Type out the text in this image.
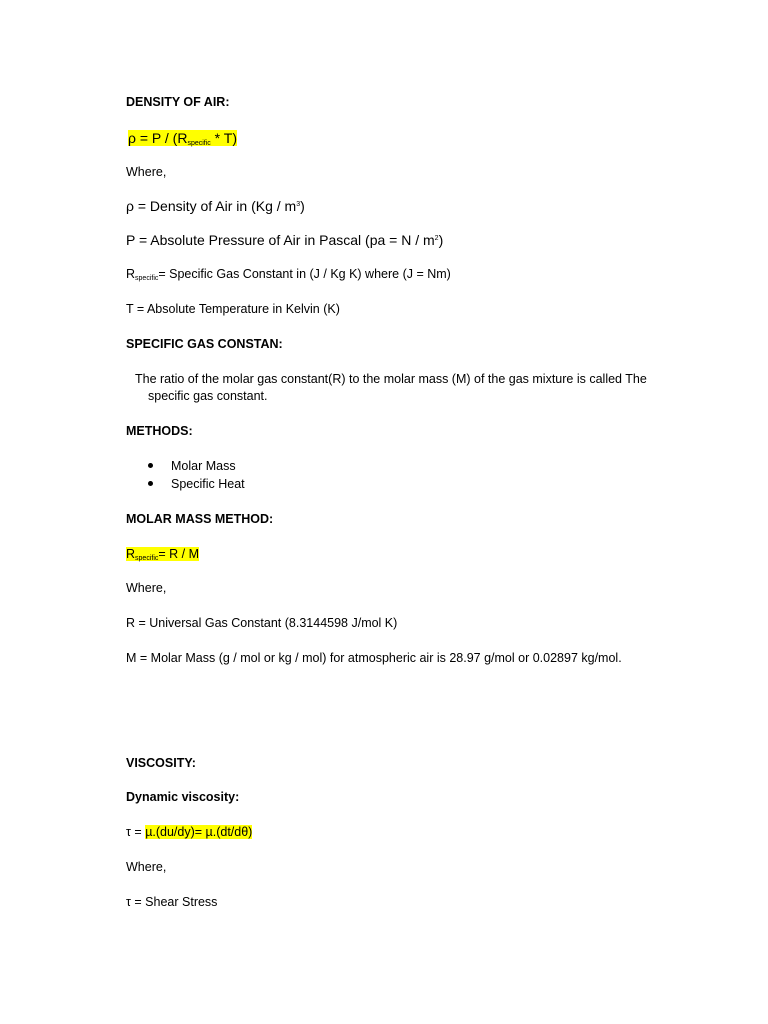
DENSITY OF AIR:
$\rho = P / (R_{specific} * T)$
Where,
ρ = Density of Air in $(Kg / m^3)$
P = Absolute Pressure of Air in Pascal $(pa = N / m^2)$
$R_{specific}=$ Specific Gas Constant in (J / Kg K) where (J = Nm)
T = Absolute Temperature in Kelvin (K)
SPECIFIC GAS CONSTAN:
The ratio of the molar gas constant(R) to the molar mass (M) of the gas mixture is called The
specific gas constant.
METHODS:
Molar Mass
Specific Heat
MOLAR MASS METHOD:
$R_{specific}= R / M$
Where,
R = Universal Gas Constant (8.3144598 J/mol K)
M = Molar Mass (g / mol or kg / mol) for atmospheric air is 28.97 g/mol or 0.02897 kg/mol.
VISCOSITY:
Dynamic viscosity:
τ = µ.(du/dy)= µ.(dt/dθ)
Where,
τ = Shear Stress
